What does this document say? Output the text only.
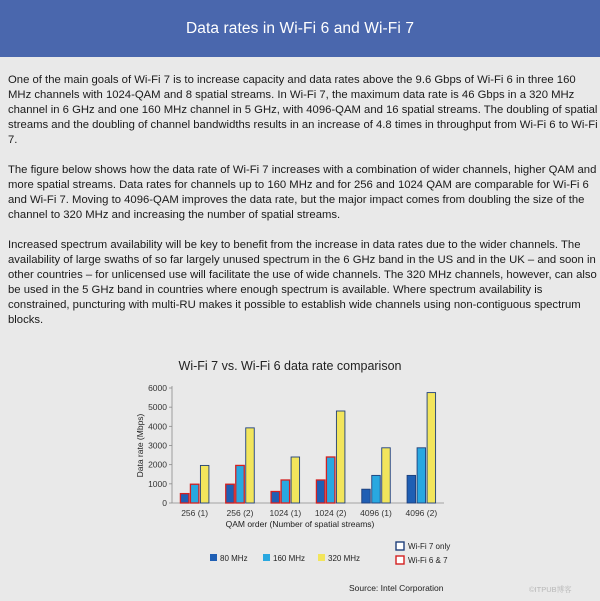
Data rates in Wi-Fi 6 and Wi-Fi 7

One of the main goals of Wi-Fi 7 is to increase capacity and data rates above the 9.6 Gbps of Wi-Fi 6 in three 160 MHz channels with 1024-QAM and 8 spatial streams. In Wi-Fi 7, the maximum data rate is 46 Gbps in a 320 MHz channel in 6 GHz and one 160 MHz channel in 5 GHz, with 4096-QAM and 16 spatial streams. The doubling of spatial streams and the doubling of channel bandwidths results in an increase of 4.8 times in throughput from Wi-Fi 6 to Wi-Fi 7.

The figure below shows how the data rate of Wi-Fi 7 increases with a combination of wider channels, higher QAM and more spatial streams. Data rates for channels up to 160 MHz and for 256 and 1024 QAM are comparable for Wi-Fi 6 and Wi-Fi 7. Moving to 4096-QAM improves the data rate, but the major impact comes from doubling the size of the channel to 320 MHz and increasing the number of spatial streams.

Increased spectrum availability will be key to benefit from the increase in data rates due to the wider channels. The availability of large swaths of so far largely unused spectrum in the 6 GHz band in the US and in the UK – and soon in other countries – for unlicensed use will facilitate the use of wide channels. The 320 MHz channels, however, can also be used in the 5 GHz band in countries where enough spectrum is available. Where spectrum availability is constrained, puncturing with multi-RU makes it possible to establish wide channels using non-contiguous spectrum blocks.

Wi-Fi 7 vs. Wi-Fi 6 data rate comparison
0
1000
2000
3000
4000
5000
6000
Data rate (Mbps)
256 (1) 256 (2) 1024 (1) 1024 (2) 4096 (1) 4096 (2)
QAM order (Number of spatial streams)
80 MHz	160 MHz	320 MHz
Wi-Fi 7 only
Wi-Fi 6 & 7
Source: Intel Corporation	©ITPUB博客
